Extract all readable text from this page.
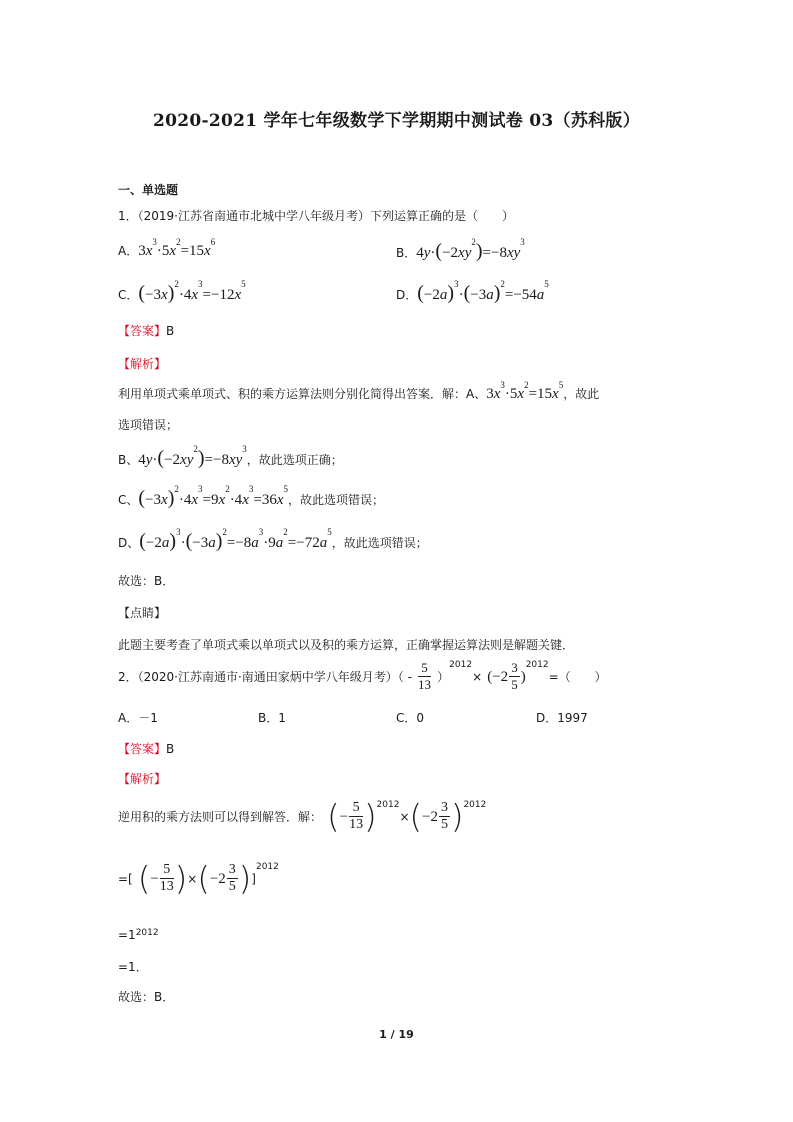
2020-2021 学年七年级数学下学期期中测试卷 03（苏科版）
一、单选题
1．（2019·江苏省南通市北城中学八年级月考）下列运算正确的是（　　）
A．$3x^3\cdot 5x^2=15x^6$
B．$4y\cdot(-2xy^2)=-8xy^3$
C．$(-3x)^2\cdot 4x^3=-12x^5$
D．$(-2a)^3\cdot(-3a)^2=-54a^5$
【答案】B
【解析】
利用单项式乘单项式、积的乘方运算法则分别化简得出答案．解：A、$3x^3\cdot 5x^2=15x^5$，故此
选项错误；
B、$4y\cdot(-2xy^2)=-8xy^3$，故此选项正确；
C、$(-3x)^2\cdot 4x^3=9x^2\cdot 4x^3=36x^5$，故此选项错误；
D、$(-2a)^3\cdot(-3a)^2=-8a^3\cdot 9a^2=-72a^5$，故此选项错误；
故选：B．
【点睛】
此题主要考查了单项式乘以单项式以及积的乘方运算，正确掌握运算法则是解题关键．
2．（2020·江苏南通市·南通田家炳中学八年级月考）（ - $\frac{5}{13} )^{2012}\times (-2 \frac{3}{5} )^{2012}=$（　　）
A．－1	B．1	C．0	D．1997
【答案】B
【解析】
逆用积的乘方法则可以得到解答．解： (− $\frac{5}{13} )^{2012}\times(-2 \frac{3}{5} )^{2012}$
=[ (− $\frac{5}{13} )\times(-2 \frac{3}{5} )]^{2012}$
$=1^{2012}$
=1．
故选：B．
1 / 19
